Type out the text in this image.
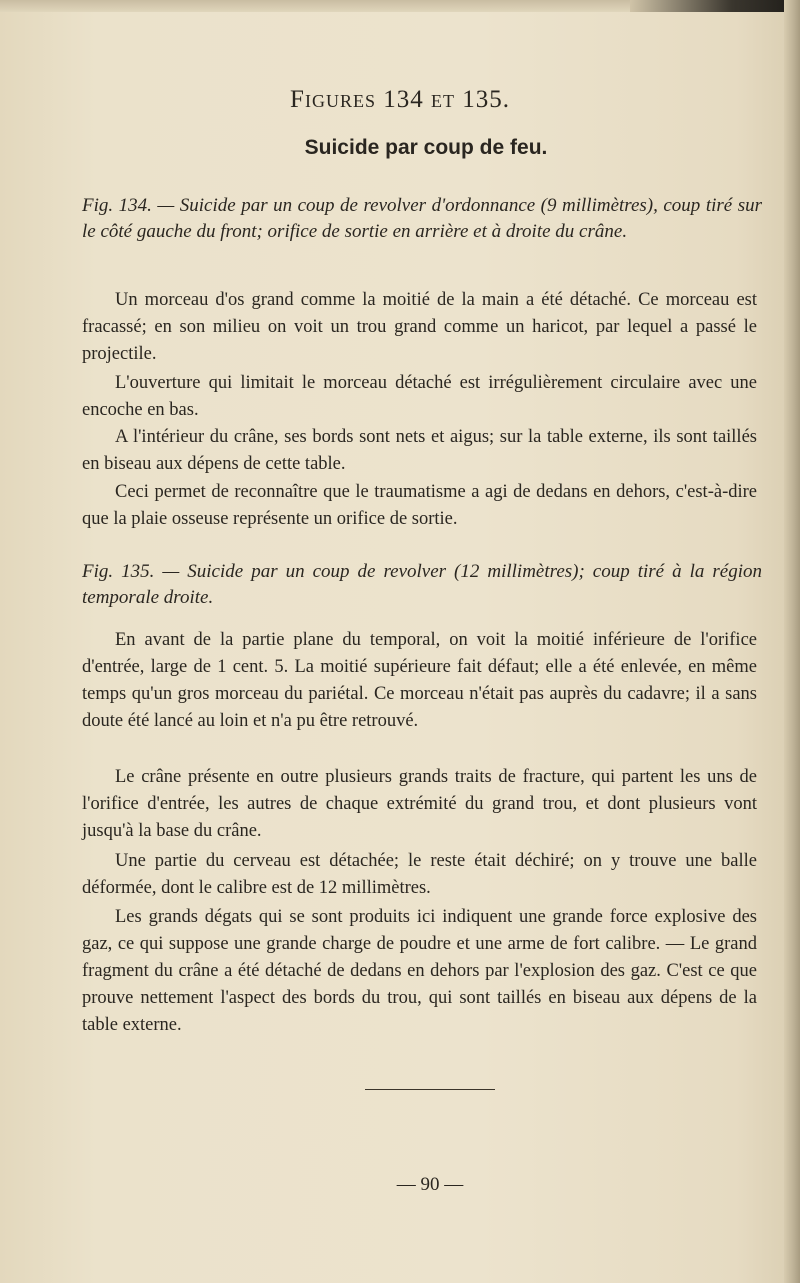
Figures 134 et 135.
Suicide par coup de feu.
Fig. 134. — Suicide par un coup de revolver d'ordonnance (9 millimètres), coup tiré sur le côté gauche du front; orifice de sortie en arrière et à droite du crâne.
Un morceau d'os grand comme la moitié de la main a été détaché. Ce morceau est fracassé; en son milieu on voit un trou grand comme un haricot, par lequel a passé le projectile.
L'ouverture qui limitait le morceau détaché est irrégulièrement circulaire avec une encoche en bas.
A l'intérieur du crâne, ses bords sont nets et aigus; sur la table externe, ils sont taillés en biseau aux dépens de cette table.
Ceci permet de reconnaître que le traumatisme a agi de dedans en dehors, c'est-à-dire que la plaie osseuse représente un orifice de sortie.
Fig. 135. — Suicide par un coup de revolver (12 millimètres); coup tiré à la région temporale droite.
En avant de la partie plane du temporal, on voit la moitié inférieure de l'orifice d'entrée, large de 1 cent. 5. La moitié supérieure fait défaut; elle a été enlevée, en même temps qu'un gros morceau du pariétal. Ce morceau n'était pas auprès du cadavre; il a sans doute été lancé au loin et n'a pu être retrouvé.
Le crâne présente en outre plusieurs grands traits de fracture, qui partent les uns de l'orifice d'entrée, les autres de chaque extrémité du grand trou, et dont plusieurs vont jusqu'à la base du crâne.
Une partie du cerveau est détachée; le reste était déchiré; on y trouve une balle déformée, dont le calibre est de 12 millimètres.
Les grands dégats qui se sont produits ici indiquent une grande force explosive des gaz, ce qui suppose une grande charge de poudre et une arme de fort calibre. — Le grand fragment du crâne a été détaché de dedans en dehors par l'explosion des gaz. C'est ce que prouve nettement l'aspect des bords du trou, qui sont taillés en biseau aux dépens de la table externe.
— 90 —
